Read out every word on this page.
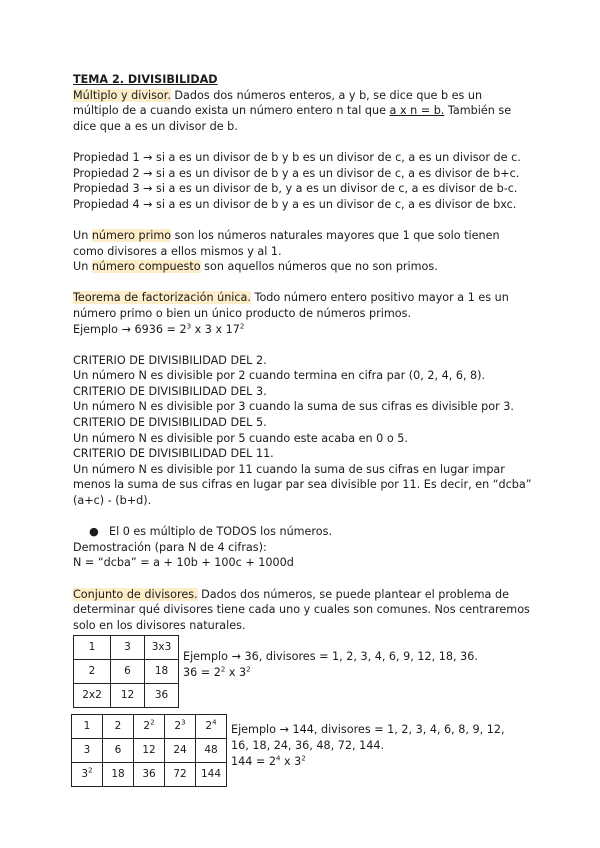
TEMA 2. DIVISIBILIDAD

Múltiplo y divisor. Dados dos números enteros, a y b, se dice que b es un
múltiplo de a cuando exista un número entero n tal que a x n = b. También se
dice que a es un divisor de b.

Propiedad 1 → si a es un divisor de b y b es un divisor de c, a es un divisor de c.

Propiedad 2 → si a es un divisor de b y a es un divisor de c, a es divisor de b+c.

Propiedad 3 → si a es un divisor de b, y a es un divisor de c, a es divisor de b-c.

Propiedad 4 → si a es un divisor de b y a es un divisor de c, a es divisor de bxc.

Un número primo son los números naturales mayores que 1 que solo tienen
como divisores a ellos mismos y al 1.

Un número compuesto son aquellos números que no son primos.

Teorema de factorización única. Todo número entero positivo mayor a 1 es un
número primo o bien un único producto de números primos.
Ejemplo → $6936 = 2^3$ x 3 x $17^2$

CRITERIO DE DIVISIBILIDAD DEL 2.

Un número N es divisible por 2 cuando termina en cifra par (0, 2, 4, 6, 8).

CRITERIO DE DIVISIBILIDAD DEL 3.

Un número N es divisible por 3 cuando la suma de sus cifras es divisible por 3.

CRITERIO DE DIVISIBILIDAD DEL 5.

Un número N es divisible por 5 cuando este acaba en 0 o 5.

CRITERIO DE DIVISIBILIDAD DEL 11.

Un número N es divisible por 11 cuando la suma de sus cifras en lugar impar
menos la suma de sus cifras en lugar par sea divisible por 11. Es decir, en “dcba”
(a+c) - (b+d).

● El 0 es múltiplo de TODOS los números.

Demostración (para N de 4 cifras):

N = “dcba” = a + 10b + 100c + 1000d

Conjunto de divisores. Dados dos números, se puede plantear el problema de
determinar qué divisores tiene cada uno y cuales son comunes. Nos centraremos
solo en los divisores naturales.

1	3	3x3
2	6	18
2x2	12	36
Ejemplo → 36, divisores = 1, 2, 3, 4, 6, 9, 12, 18, 36.
$36 = 2^2$ x $3^2$
1	2	$2^2$	$2^3$	$2^4$
3	6	12	24	48
$3^2$	18	36	72	144
Ejemplo → 144, divisores = 1, 2, 3, 4, 6, 8, 9, 12,
16, 18, 24, 36, 48, 72, 144.
$144 = 2^4$ x $3^2$
